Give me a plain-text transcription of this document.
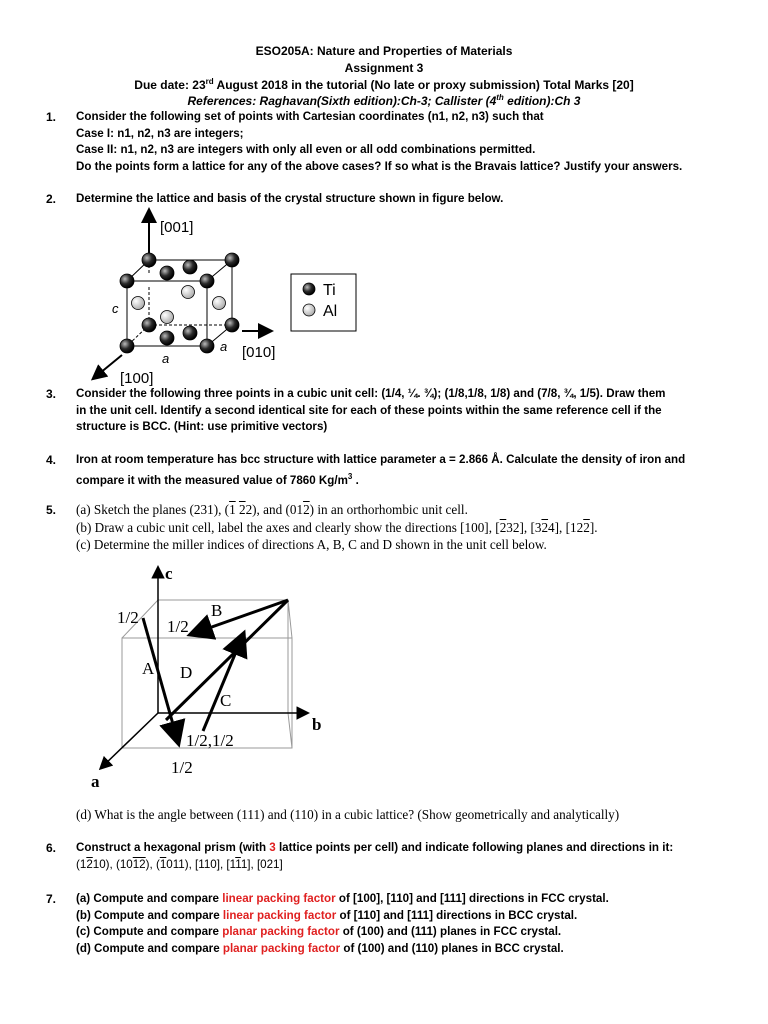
ESO205A: Nature and Properties of Materials
Assignment 3
Due date: 23rd August 2018 in the tutorial (No late or proxy submission) Total Marks [20]
References: Raghavan(Sixth edition):Ch-3; Callister (4th edition):Ch 3
1. Consider the following set of points with Cartesian coordinates (n1, n2, n3) such that
Case I: n1, n2, n3 are integers;
Case II: n1, n2, n3 are integers with only all even or all odd combinations permitted.
Do the points form a lattice for any of the above cases? If so what is the Bravais lattice? Justify your answers.
2. Determine the lattice and basis of the crystal structure shown in figure below.
[001]
[010]
[100]
c
a
a
Ti
Al
3. Consider the following three points in a cubic unit cell: (1/4, ¼. ¾); (1/8,1/8, 1/8) and (7/8, ¾, 1/5). Draw them
in the unit cell. Identify a second identical site for each of these points within the same reference cell if the
structure is BCC. (Hint: use primitive vectors)
4. Iron at room temperature has bcc structure with lattice parameter a = 2.866 Å. Calculate the density of iron and
compare it with the measured value of 7860 $Kg/m^3$ .
5. (a) Sketch the planes (231), (1 22), and (012) in an orthorhombic unit cell.
(b) Draw a cubic unit cell, label the axes and clearly show the directions [100], [232], [324], [122].
(c) Determine the miller indices of directions A, B, C and D shown in the unit cell below.
c
b
a
1/2 1/2
B
A D
C
1/2,1/2
1/2
(d) What is the angle between (111) and (110) in a cubic lattice? (Show geometrically and analytically)
6. Construct a hexagonal prism (with 3 lattice points per cell) and indicate following planes and directions in it:
(1210), (1012), (1011), [110], [111], [021]
7. (a) Compute and compare linear packing factor of [100], [110] and [111] directions in FCC crystal.
(b) Compute and compare linear packing factor of [110] and [111] directions in BCC crystal.
(c) Compute and compare planar packing factor of (100) and (111) planes in FCC crystal.
(d) Compute and compare planar packing factor of (100) and (110) planes in BCC crystal.
